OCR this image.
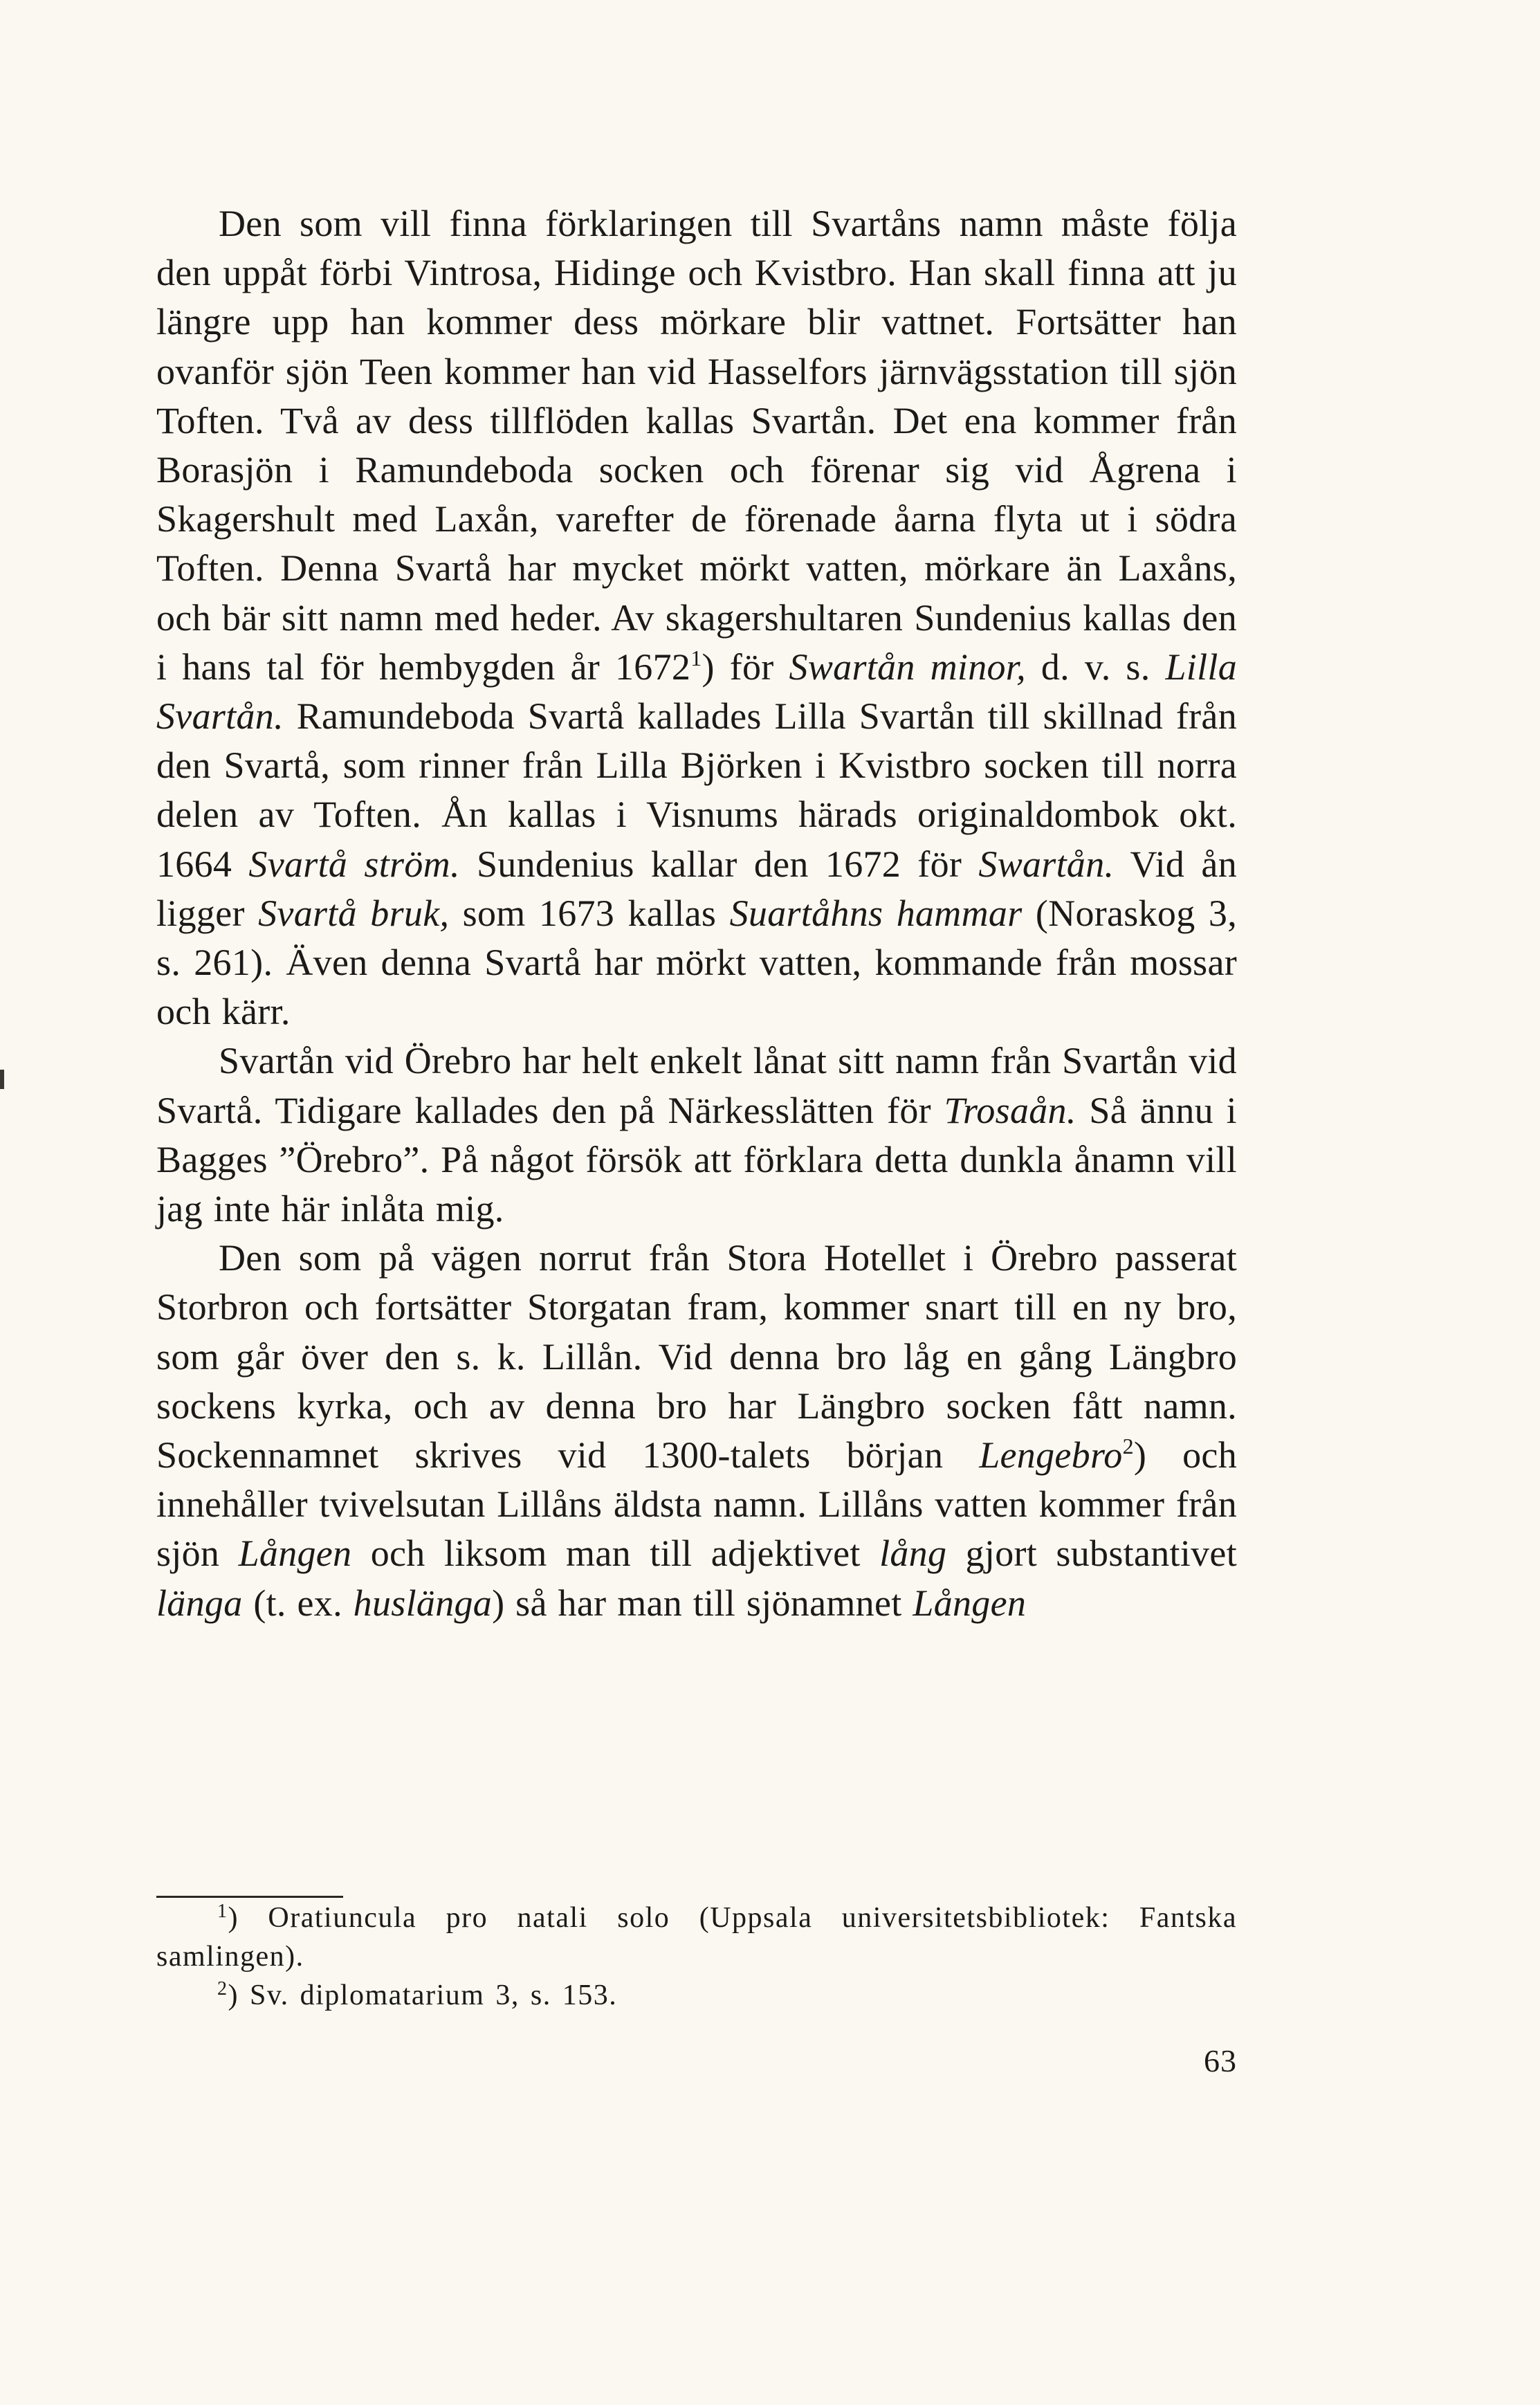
Den som vill finna förklaringen till Svartåns namn måste följa den uppåt förbi Vintrosa, Hidinge och Kvistbro. Han skall finna att ju längre upp han kommer dess mörkare blir vattnet. Fortsätter han ovanför sjön Teen kommer han vid Hasselfors järnvägsstation till sjön Toften. Två av dess tillflöden kallas Svartån. Det ena kommer från Borasjön i Ramundeboda socken och förenar sig vid Ågrena i Skagershult med Laxån, varefter de förenade åarna flyta ut i södra Toften. Denna Svartå har mycket mörkt vatten, mörkare än Laxåns, och bär sitt namn med heder. Av skagershultaren Sundenius kallas den i hans tal för hembygden år 1672$^1$) för Swartån minor, d. v. s. Lilla Svartån. Ramundeboda Svartå kallades Lilla Svartån till skillnad från den Svartå, som rinner från Lilla Björken i Kvistbro socken till norra delen av Toften. Ån kallas i Visnums härads originaldombok okt. 1664 Svartå ström. Sundenius kallar den 1672 för Swartån. Vid ån ligger Svartå bruk, som 1673 kallas Suartåhns hammar (Noraskog 3, s. 261). Även denna Svartå har mörkt vatten, kommande från mossar och kärr.

Svartån vid Örebro har helt enkelt lånat sitt namn från Svartån vid Svartå. Tidigare kallades den på Närkesslätten för Trosaån. Så ännu i Bagges ”Örebro”. På något försök att förklara detta dunkla ånamn vill jag inte här inlåta mig.

Den som på vägen norrut från Stora Hotellet i Örebro passerat Storbron och fortsätter Storgatan fram, kommer snart till en ny bro, som går över den s. k. Lillån. Vid denna bro låg en gång Längbro sockens kyrka, och av denna bro har Längbro socken fått namn. Sockennamnet skrives vid 1300-talets början Lengebro$^2$) och innehåller tvivelsutan Lillåns äldsta namn. Lillåns vatten kommer från sjön Lången och liksom man till adjektivet lång gjort substantivet länga (t. ex. huslänga) så har man till sjönamnet Lången

$^1$) Oratiuncula pro natali solo (Uppsala universitetsbibliotek: Fantska samlingen).

$^2$) Sv. diplomatarium 3, s. 153.

63
